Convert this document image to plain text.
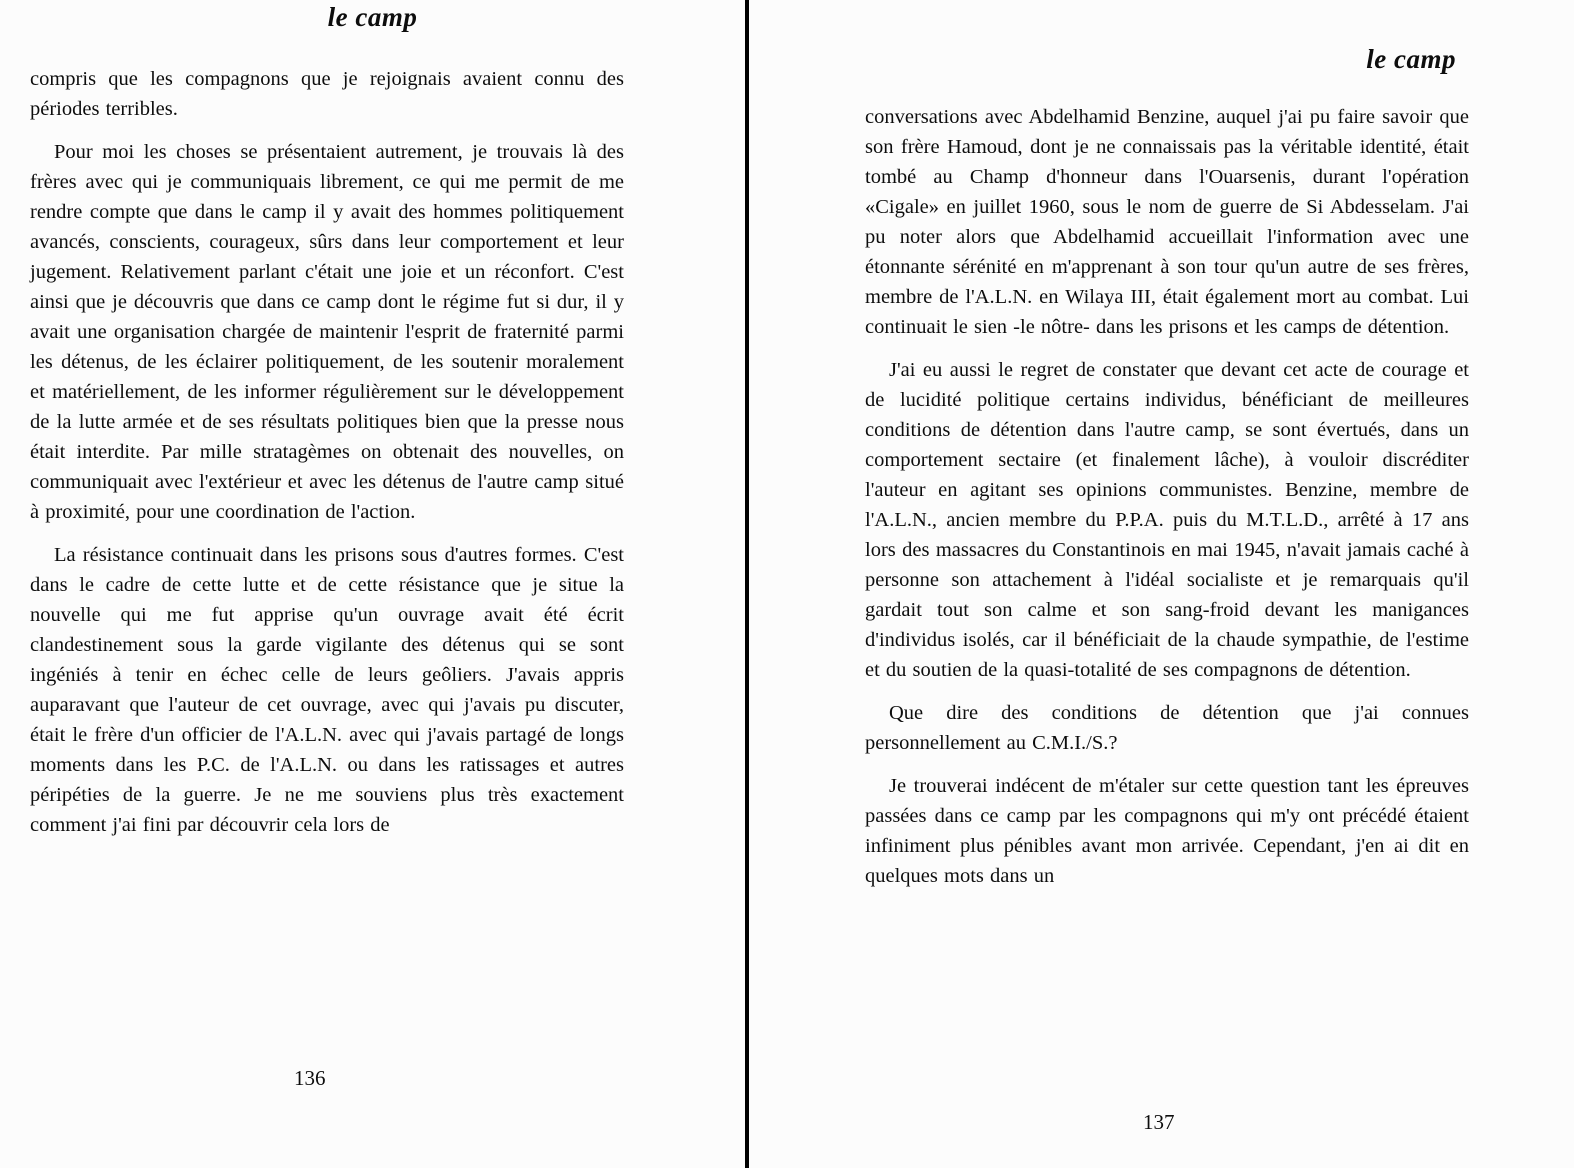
le camp

compris que les compagnons que je rejoignais avaient connu des périodes terribles.

Pour moi les choses se présentaient autrement, je trouvais là des frères avec qui je communiquais librement, ce qui me permit de me rendre compte que dans le camp il y avait des hommes politiquement avancés, conscients, courageux, sûrs dans leur comportement et leur jugement. Relativement parlant c'était une joie et un réconfort. C'est ainsi que je découvris que dans ce camp dont le régime fut si dur, il y avait une organisation chargée de maintenir l'esprit de fraternité parmi les détenus, de les éclairer politiquement, de les soutenir moralement et matériellement, de les informer régulièrement sur le développement de la lutte armée et de ses résultats politiques bien que la presse nous était interdite. Par mille stratagèmes on obtenait des nouvelles, on communiquait avec l'extérieur et avec les détenus de l'autre camp situé à proximité, pour une coordination de l'action.

La résistance continuait dans les prisons sous d'autres formes. C'est dans le cadre de cette lutte et de cette résistance que je situe la nouvelle qui me fut apprise qu'un ouvrage avait été écrit clandestinement sous la garde vigilante des détenus qui se sont ingéniés à tenir en échec celle de leurs geôliers. J'avais appris auparavant que l'auteur de cet ouvrage, avec qui j'avais pu discuter, était le frère d'un officier de l'A.L.N. avec qui j'avais partagé de longs moments dans les P.C. de l'A.L.N. ou dans les ratissages et autres péripéties de la guerre. Je ne me souviens plus très exactement comment j'ai fini par découvrir cela lors de

136
le camp

conversations avec Abdelhamid Benzine, auquel j'ai pu faire savoir que son frère Hamoud, dont je ne connaissais pas la véritable identité, était tombé au Champ d'honneur dans l'Ouarsenis, durant l'opération «Cigale» en juillet 1960, sous le nom de guerre de Si Abdesselam. J'ai pu noter alors que Abdelhamid accueillait l'information avec une étonnante sérénité en m'apprenant à son tour qu'un autre de ses frères, membre de l'A.L.N. en Wilaya III, était également mort au combat. Lui continuait le sien -le nôtre- dans les prisons et les camps de détention.

J'ai eu aussi le regret de constater que devant cet acte de courage et de lucidité politique certains individus, bénéficiant de meilleures conditions de détention dans l'autre camp, se sont évertués, dans un comportement sectaire (et finalement lâche), à vouloir discréditer l'auteur en agitant ses opinions communistes. Benzine, membre de l'A.L.N., ancien membre du P.P.A. puis du M.T.L.D., arrêté à 17 ans lors des massacres du Constantinois en mai 1945, n'avait jamais caché à personne son attachement à l'idéal socialiste et je remarquais qu'il gardait tout son calme et son sang-froid devant les manigances d'individus isolés, car il bénéficiait de la chaude sympathie, de l'estime et du soutien de la quasi-totalité de ses compagnons de détention.

Que dire des conditions de détention que j'ai connues personnellement au C.M.I./S.?

Je trouverai indécent de m'étaler sur cette question tant les épreuves passées dans ce camp par les compagnons qui m'y ont précédé étaient infiniment plus pénibles avant mon arrivée. Cependant, j'en ai dit en quelques mots dans un

137
